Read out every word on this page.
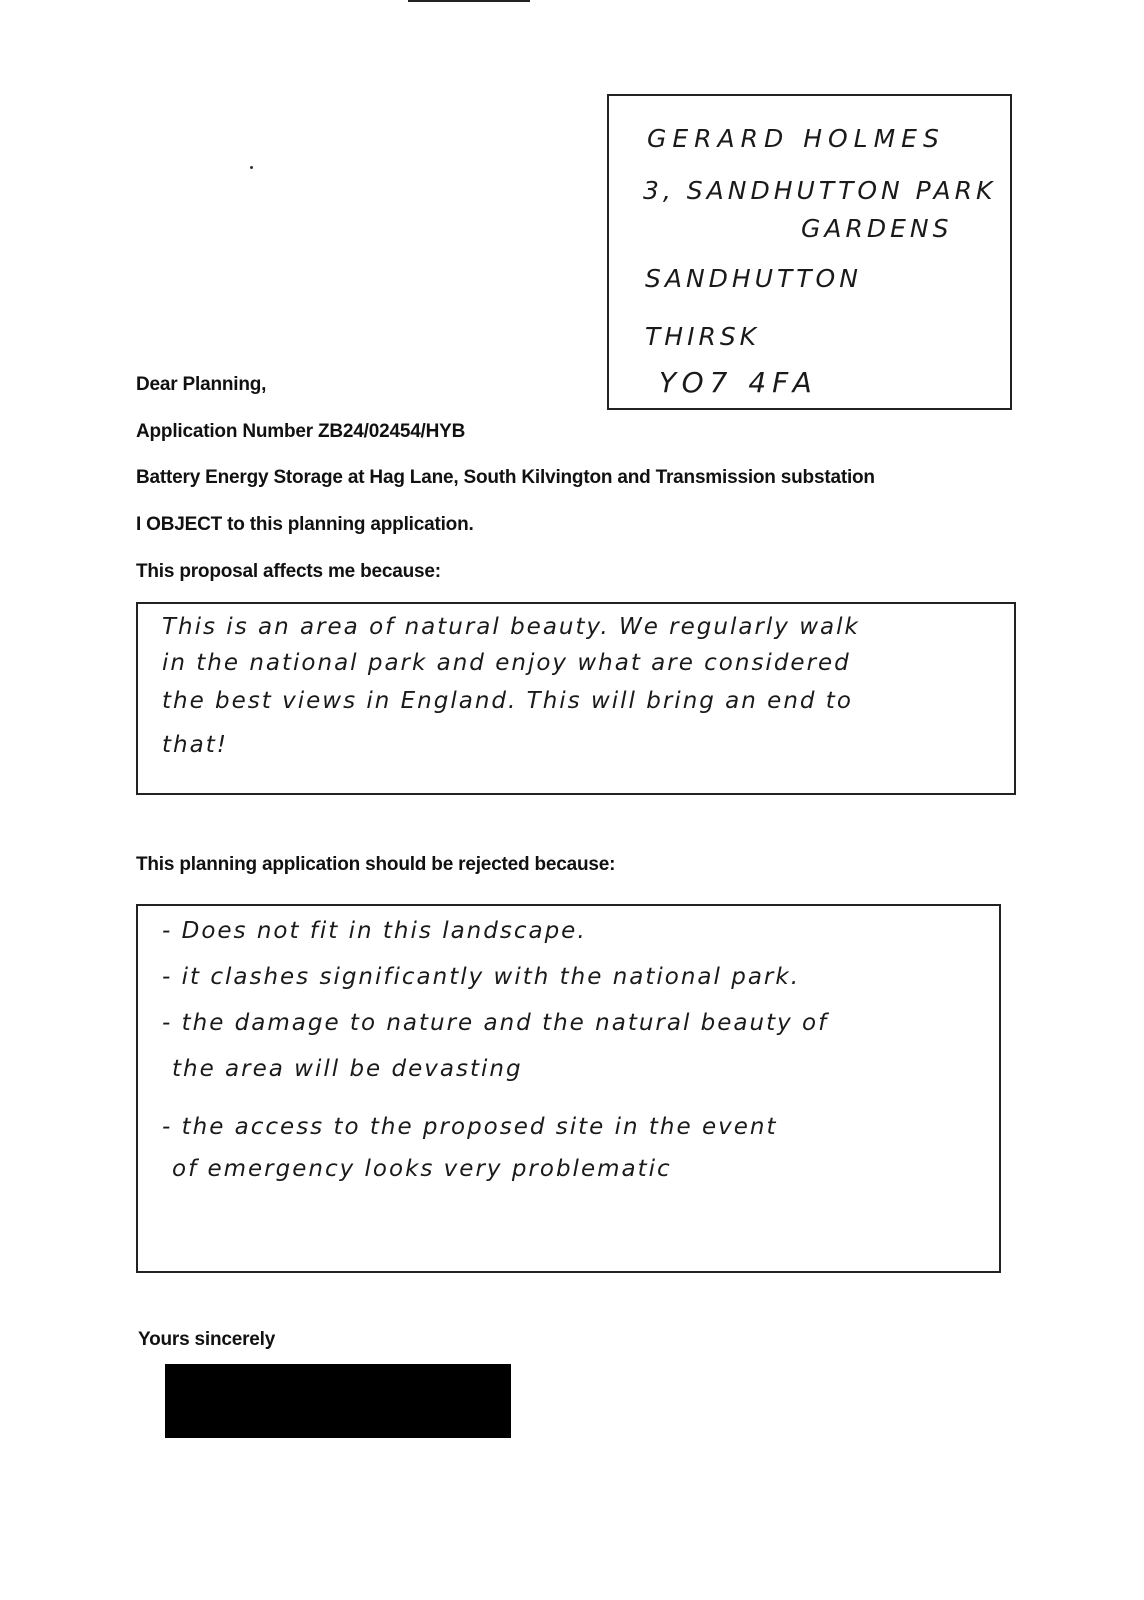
GERARD HOLMES
3, SANDHUTTON PARK
GARDENS
SANDHUTTON
THIRSK
YO7 4FA
Dear Planning,
Application Number ZB24/02454/HYB
Battery Energy Storage at Hag Lane, South Kilvington and Transmission substation
I OBJECT to this planning application.
This proposal affects me because:
This is an area of natural beauty. We regularly walk
in the national park and enjoy what are considered
the best views in England. This will bring an end to
that!
This planning application should be rejected because:
- Does not fit in this landscape.
- it clashes significantly with the national park.
- the damage to nature and the natural beauty of
the area will be devasting
- the access to the proposed site in the event
of emergency looks very problematic
Yours sincerely
